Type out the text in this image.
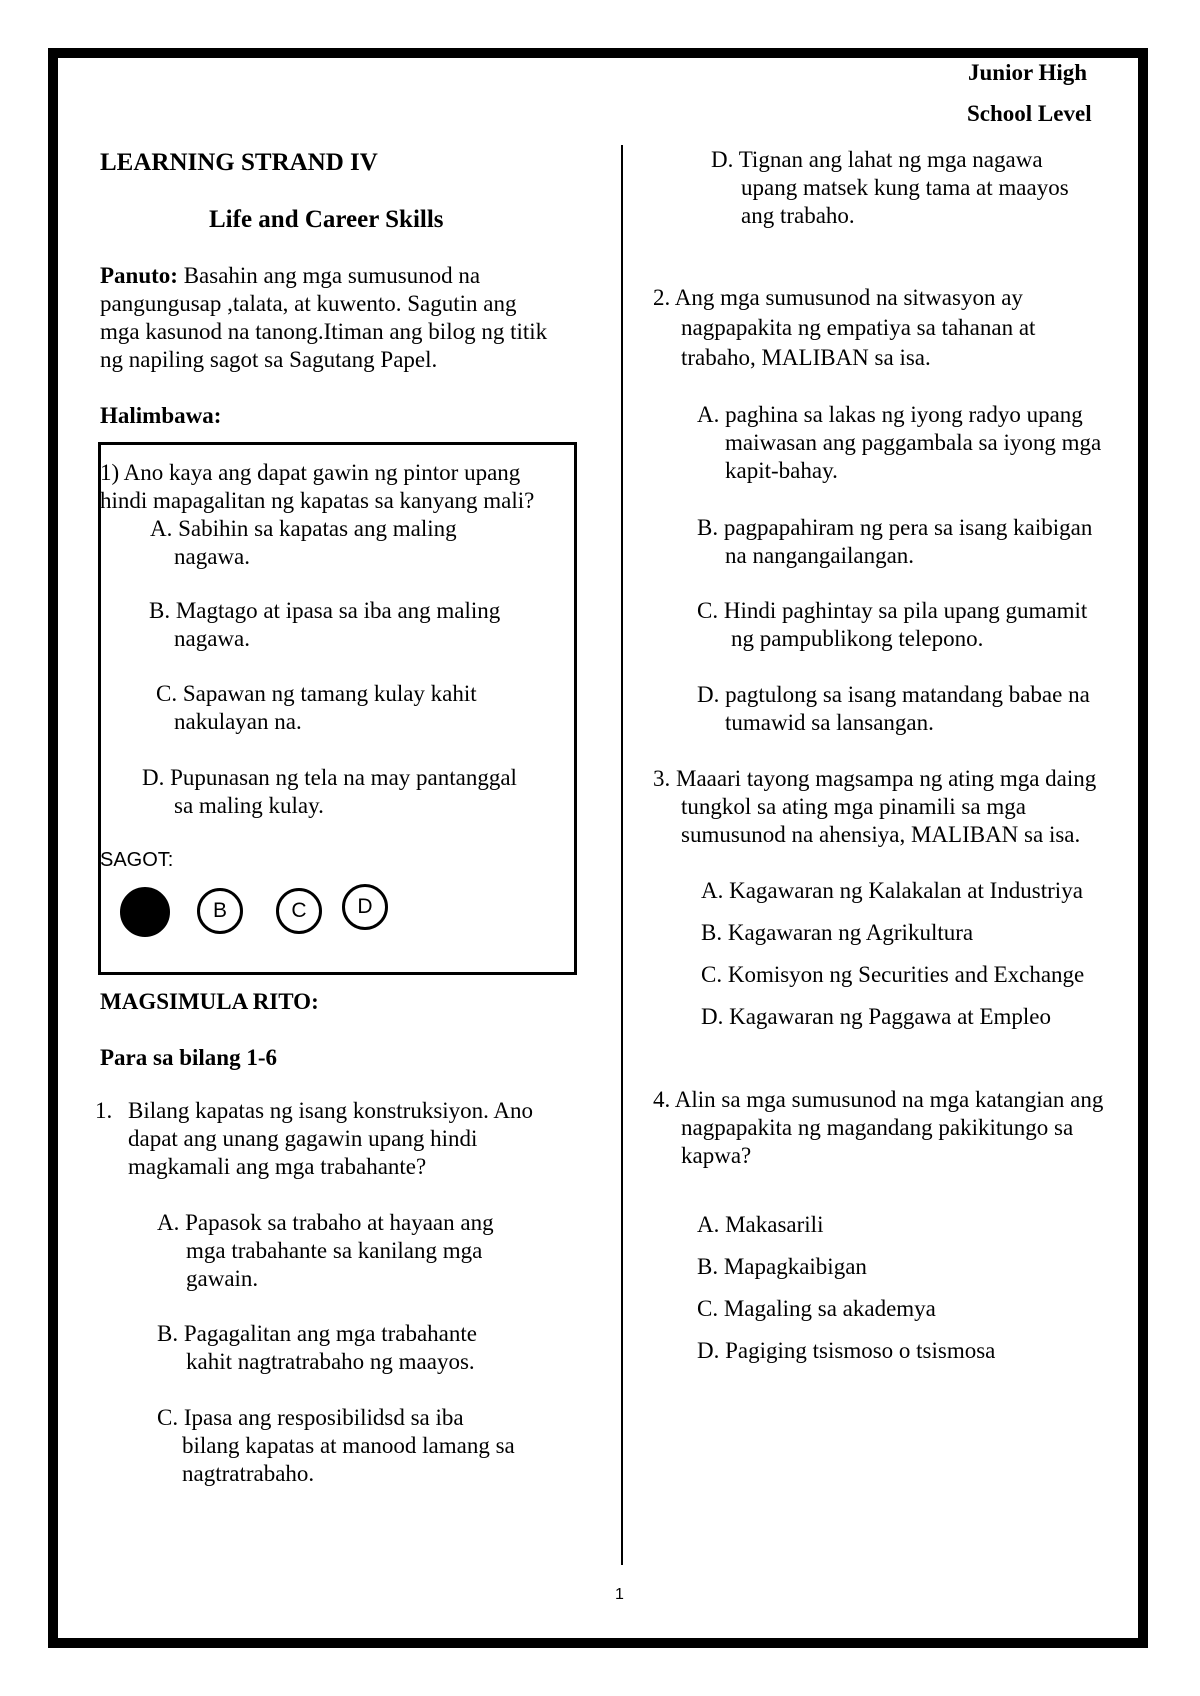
Junior High
School Level
LEARNING STRAND IV
Life and Career Skills
Panuto: Basahin ang mga sumusunod na
pangungusap ,talata, at kuwento. Sagutin ang
mga kasunod na tanong.Itiman ang bilog ng titik
ng napiling sagot sa Sagutang Papel.
Halimbawa:
1) Ano kaya ang dapat gawin ng pintor upang
hindi mapagalitan ng kapatas sa kanyang mali?
A. Sabihin sa kapatas ang maling
nagawa.
B. Magtago at ipasa sa iba ang maling
nagawa.
C. Sapawan ng tamang kulay kahit
nakulayan na.
D. Pupunasan ng tela na may pantanggal
sa maling kulay.
SAGOT:
B	C	D
MAGSIMULA RITO:
Para sa bilang 1-6
1. Bilang kapatas ng isang konstruksiyon. Ano
dapat ang unang gagawin upang hindi
magkamali ang mga trabahante?
A. Papasok sa trabaho at hayaan ang
mga trabahante sa kanilang mga
gawain.
B. Pagagalitan ang mga trabahante
kahit nagtratrabaho ng maayos.
C. Ipasa ang resposibilidsd sa iba
bilang kapatas at manood lamang sa
nagtratrabaho.
D. Tignan ang lahat ng mga nagawa
upang matsek kung tama at maayos
ang trabaho.
2. Ang mga sumusunod na sitwasyon ay
nagpapakita ng empatiya sa tahanan at
trabaho, MALIBAN sa isa.
A. paghina sa lakas ng iyong radyo upang
maiwasan ang paggambala sa iyong mga
kapit-bahay.
B. pagpapahiram ng pera sa isang kaibigan
na nangangailangan.
C. Hindi paghintay sa pila upang gumamit
ng pampublikong telepono.
D. pagtulong sa isang matandang babae na
tumawid sa lansangan.
3. Maaari tayong magsampa ng ating mga daing
tungkol sa ating mga pinamili sa mga
sumusunod na ahensiya, MALIBAN sa isa.
A. Kagawaran ng Kalakalan at Industriya
B. Kagawaran ng Agrikultura
C. Komisyon ng Securities and Exchange
D. Kagawaran ng Paggawa at Empleo
4. Alin sa mga sumusunod na mga katangian ang
nagpapakita ng magandang pakikitungo sa
kapwa?
A. Makasarili
B. Mapagkaibigan
C. Magaling sa akademya
D. Pagiging tsismoso o tsismosa
1
